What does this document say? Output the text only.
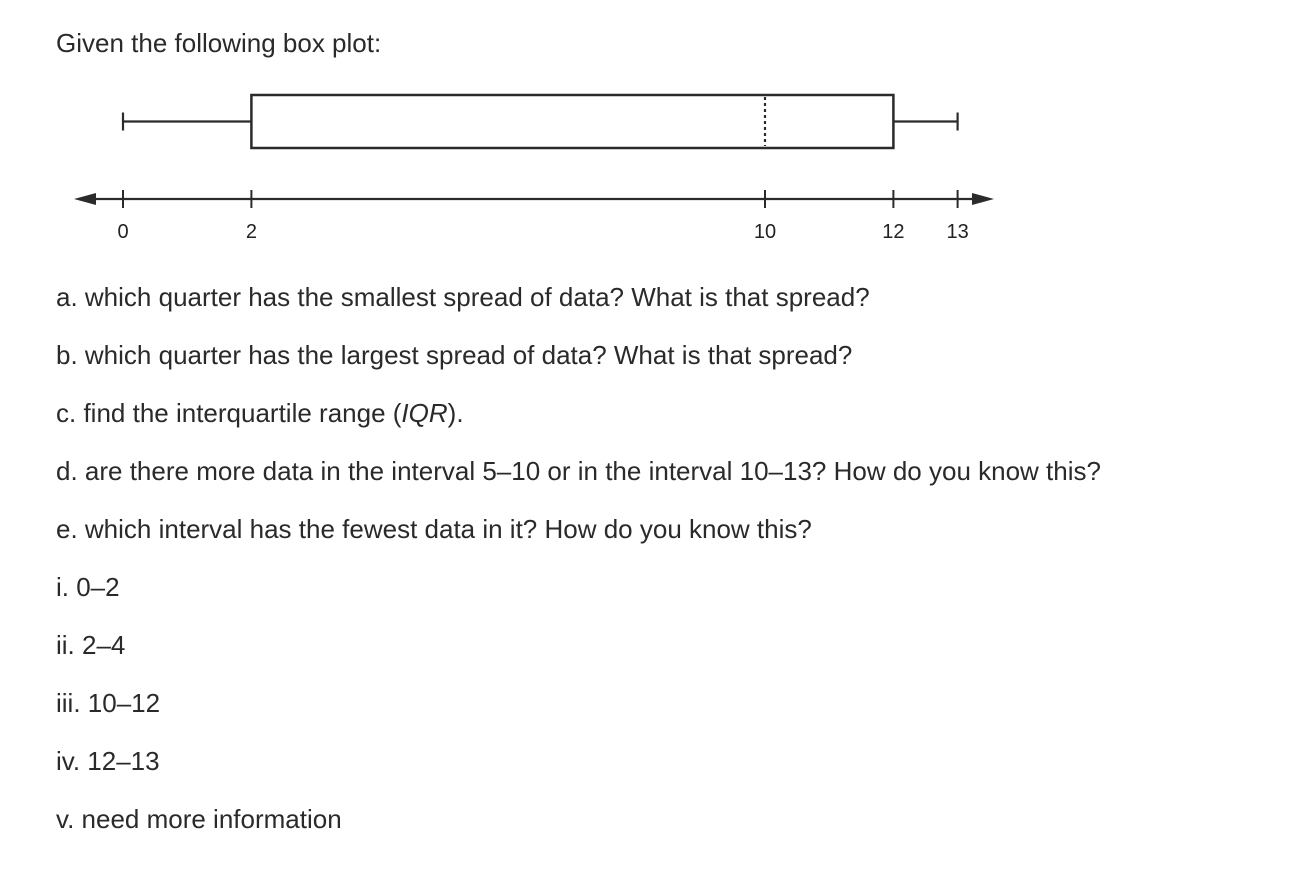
Given the following box plot:

0	2	10	12 13

a. which quarter has the smallest spread of data? What is that spread?

b. which quarter has the largest spread of data? What is that spread?

c. find the interquartile range (IQR).

d. are there more data in the interval 5–10 or in the interval 10–13? How do you know this?

e. which interval has the fewest data in it? How do you know this?

i. 0–2

ii. 2–4

iii. 10–12

iv. 12–13

v. need more information
